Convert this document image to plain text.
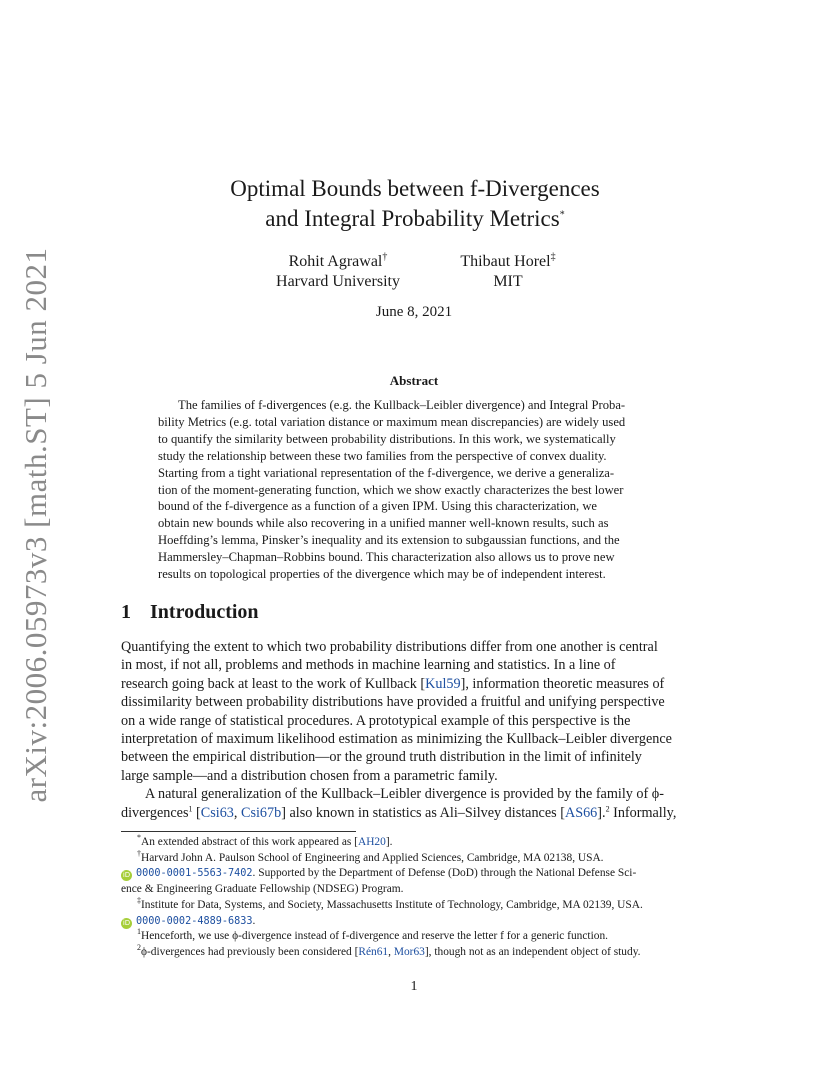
arXiv:2006.05973v3 [math.ST] 5 Jun 2021
Optimal Bounds between f-Divergences
and Integral Probability Metrics*
Rohit Agrawal†
Harvard University
Thibaut Horel‡
MIT
June 8, 2021
Abstract
The families of f-divergences (e.g. the Kullback–Leibler divergence) and Integral Proba-
bility Metrics (e.g. total variation distance or maximum mean discrepancies) are widely used
to quantify the similarity between probability distributions. In this work, we systematically
study the relationship between these two families from the perspective of convex duality.
Starting from a tight variational representation of the f-divergence, we derive a generaliza-
tion of the moment-generating function, which we show exactly characterizes the best lower
bound of the f-divergence as a function of a given IPM. Using this characterization, we
obtain new bounds while also recovering in a unified manner well-known results, such as
Hoeffding’s lemma, Pinsker’s inequality and its extension to subgaussian functions, and the
Hammersley–Chapman–Robbins bound. This characterization also allows us to prove new
results on topological properties of the divergence which may be of independent interest.
1 Introduction
Quantifying the extent to which two probability distributions differ from one another is central
in most, if not all, problems and methods in machine learning and statistics. In a line of
research going back at least to the work of Kullback [Kul59], information theoretic measures of
dissimilarity between probability distributions have provided a fruitful and unifying perspective
on a wide range of statistical procedures. A prototypical example of this perspective is the
interpretation of maximum likelihood estimation as minimizing the Kullback–Leibler divergence
between the empirical distribution—or the ground truth distribution in the limit of infinitely
large sample—and a distribution chosen from a parametric family.
A natural generalization of the Kullback–Leibler divergence is provided by the family of ϕ-
divergences$^1$ [Csi63, Csi67b] also known in statistics as Ali–Silvey distances [AS66].$^2$ Informally,
*An extended abstract of this work appeared as [AH20].
†Harvard John A. Paulson School of Engineering and Applied Sciences, Cambridge, MA 02138, USA.
iD 0000-0001-5563-7402. Supported by the Department of Defense (DoD) through the National Defense Sci-
ence & Engineering Graduate Fellowship (NDSEG) Program.
‡Institute for Data, Systems, and Society, Massachusetts Institute of Technology, Cambridge, MA 02139, USA.
iD 0000-0002-4889-6833.
$^1$Henceforth, we use ϕ-divergence instead of f-divergence and reserve the letter f for a generic function.
$^2$ϕ-divergences had previously been considered [Rén61, Mor63], though not as an independent object of study.
1
